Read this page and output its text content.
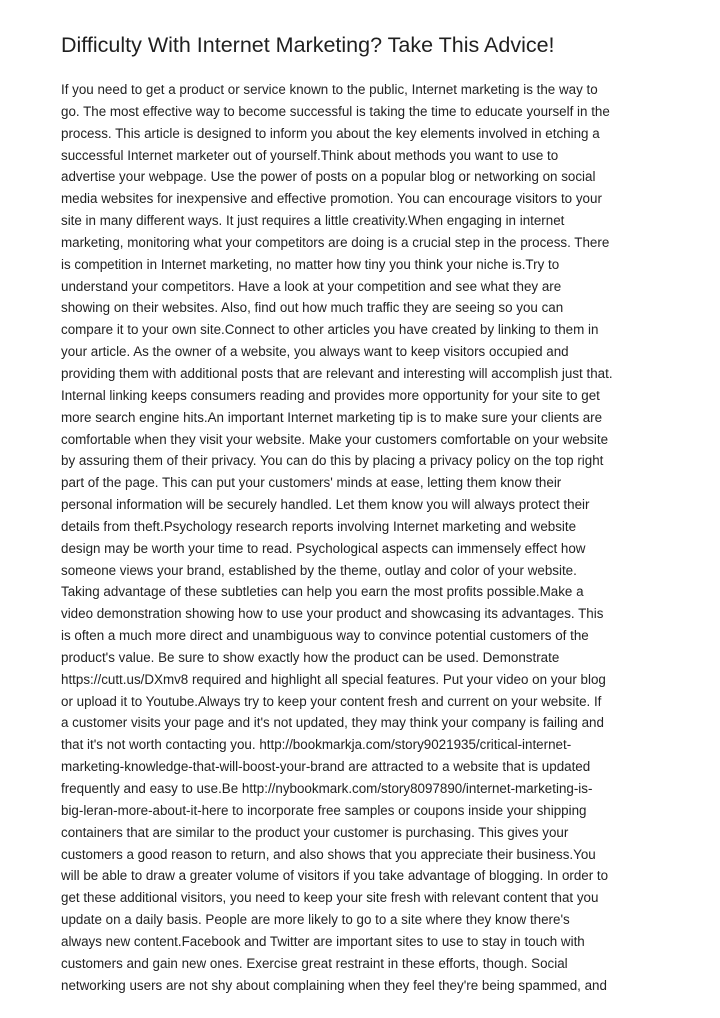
Difficulty With Internet Marketing? Take This Advice!
If you need to get a product or service known to the public, Internet marketing is the way to
go. The most effective way to become successful is taking the time to educate yourself in the
process. This article is designed to inform you about the key elements involved in etching a
successful Internet marketer out of yourself.Think about methods you want to use to
advertise your webpage. Use the power of posts on a popular blog or networking on social
media websites for inexpensive and effective promotion. You can encourage visitors to your
site in many different ways. It just requires a little creativity.When engaging in internet
marketing, monitoring what your competitors are doing is a crucial step in the process. There
is competition in Internet marketing, no matter how tiny you think your niche is.Try to
understand your competitors. Have a look at your competition and see what they are
showing on their websites. Also, find out how much traffic they are seeing so you can
compare it to your own site.Connect to other articles you have created by linking to them in
your article. As the owner of a website, you always want to keep visitors occupied and
providing them with additional posts that are relevant and interesting will accomplish just that.
Internal linking keeps consumers reading and provides more opportunity for your site to get
more search engine hits.An important Internet marketing tip is to make sure your clients are
comfortable when they visit your website. Make your customers comfortable on your website
by assuring them of their privacy. You can do this by placing a privacy policy on the top right
part of the page. This can put your customers' minds at ease, letting them know their
personal information will be securely handled. Let them know you will always protect their
details from theft.Psychology research reports involving Internet marketing and website
design may be worth your time to read. Psychological aspects can immensely effect how
someone views your brand, established by the theme, outlay and color of your website.
Taking advantage of these subtleties can help you earn the most profits possible.Make a
video demonstration showing how to use your product and showcasing its advantages. This
is often a much more direct and unambiguous way to convince potential customers of the
product's value. Be sure to show exactly how the product can be used. Demonstrate
https://cutt.us/DXmv8 required and highlight all special features. Put your video on your blog
or upload it to Youtube.Always try to keep your content fresh and current on your website. If
a customer visits your page and it's not updated, they may think your company is failing and
that it's not worth contacting you. http://bookmarkja.com/story9021935/critical-internet-
marketing-knowledge-that-will-boost-your-brand are attracted to a website that is updated
frequently and easy to use.Be http://nybookmark.com/story8097890/internet-marketing-is-
big-leran-more-about-it-here to incorporate free samples or coupons inside your shipping
containers that are similar to the product your customer is purchasing. This gives your
customers a good reason to return, and also shows that you appreciate their business.You
will be able to draw a greater volume of visitors if you take advantage of blogging. In order to
get these additional visitors, you need to keep your site fresh with relevant content that you
update on a daily basis. People are more likely to go to a site where they know there's
always new content.Facebook and Twitter are important sites to use to stay in touch with
customers and gain new ones. Exercise great restraint in these efforts, though. Social
networking users are not shy about complaining when they feel they're being spammed, and
